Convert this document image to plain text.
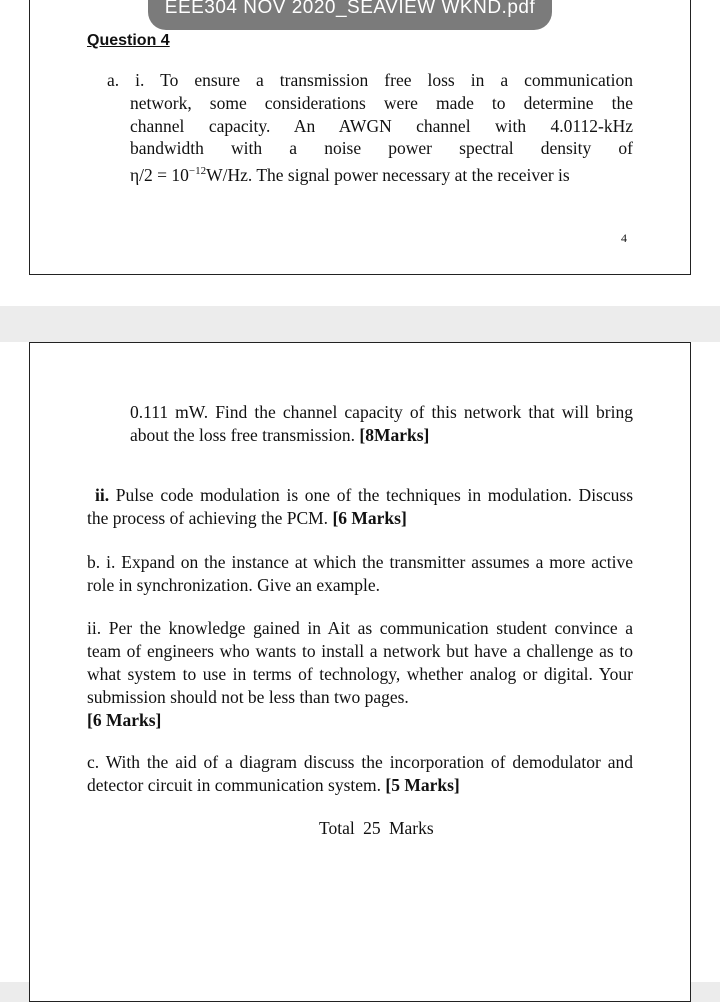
EEE304 NOV 2020_SEAVIEW WKND.pdf
Question 4
a. i. To ensure a transmission free loss in a communication
network, some considerations were made to determine the
channel capacity. An AWGN channel with 4.0112-kHz
bandwidth with a noise power spectral density of
$\eta/2 = 10^{-12}W/Hz$. The signal power necessary at the receiver is
4
0.111 mW. Find the channel capacity of this network that will bring about the loss free transmission. [8Marks]
ii. Pulse code modulation is one of the techniques in modulation. Discuss the process of achieving the PCM. [6 Marks]
b. i. Expand on the instance at which the transmitter assumes a more active role in synchronization. Give an example.
ii. Per the knowledge gained in Ait as communication student convince a team of engineers who wants to install a network but have a challenge as to what system to use in terms of technology, whether analog or digital. Your submission should not be less than two pages.
[6 Marks]
c. With the aid of a diagram discuss the incorporation of demodulator and detector circuit in communication system. [5 Marks]
Total 25 Marks
